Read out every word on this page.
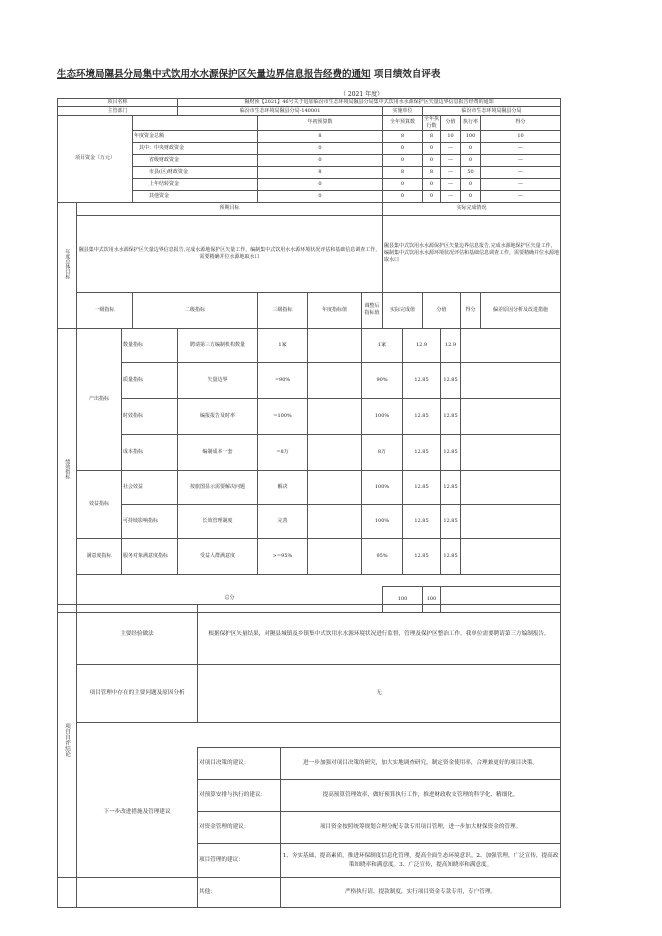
生态环境局隰县分局集中式饮用水水源保护区矢量边界信息报告经费的通知 项目绩效自评表
（ 2021 年度）
项目名称				隰财预【2021】46号关于追加临汾市生态环境局隰县分局集中式饮用水水源保护区矢量边界信息报告经费的通知									
主管部门				临汾市生态环境局隰县分局-140001				实施单位		临汾市生态环境局隰县分局			
项目资金（万元）					年初预算数			全年预算数		全年执行数	分值	执行率	得分
			年度资金总额		8			8		8	10	100	10
			其中：中央财政资金		0			0		0	—	0	—
			省级财政资金		0			0		0	—	0	—
			市县(区)财政资金		8			8		8	—	50	—
			上年结转资金		0			0		0	—	0	—
			其他资金		0			0		0	—	0	—
年度总体目标	预期目标							实际完成情况					
	隰县集中式饮用水水源保护区矢量边界信息报告,完成水源地保护区矢量工作，编制集中式饮用水水源环境状况评估和基础信息调查工作，需要精确并位水源地取水口							隰县集中式饮用水水源保护区矢量边界信息报告,完成水源地保护区矢量工作，编制集中式饮用水水源环境状况评估和基础信息调查工作，需要精确并位水源地取水口					
	一级指标		二级指标		三级指标	年度指标值	调整后指标值	实际完成值		分值		得分	偏差原因分析及改进措施
绩效指标	产出指标	数量指标		聘请第三方编制机构数量	1家		1家		12.9		12.9		
		质量指标		矢量边界	=90%		90%		12.85		12.85		
		时效指标		编报报告及时率	=100%		100%		12.85		12.85		
		成本指标		编制成本一套	=8万		8万		12.85		12.85		
	效益指标	社会效益		按旅图显示需要解决问题	解决		100%		12.85		12.85		
		可持续影响指标		长效管理制度	完善		100%		12.85		12.85		
	满意度指标	服务对象满意度指标		受益人群满意度	>=95%		95%		12.85		12.85		

	总分							100		100			
项目自评结论	主要经验做法	根据保护区矢量结果，对隰县城镇及乡镇集中式饮用水水源环境状况进行监督，管理及保护区整治工作，我单位需要聘请第三方编制报告。	
	项目管理中存在的主要问题及原因分析	无	

	下一步改进措施及管理建议	对项目决策的建议：	进一步加强对项目决策的研究，加大实地调查研究，制定资金使用率，合理兼更好的项目决策。
		对预算安排与执行的建议：	提高预算管理效率，做好预算执行工作，推进财政收支管理的科学化、精细化。
		对资金管理的建议：	项目资金按照统筹规划合理分配专款专用项目管理，进一步加大财保资金的管理。
		项目管理的建议：	1、夯实基础，提高素质，推进环保制度信息化管理，提高全面生态环境意识。2、加强管理，广泛宣传，提高政策知晓率和满意度。3、广泛宣传，提高知晓率和满意度。
		其他：	严格执行请、提款制度，实行项目资金专款专用，专户管理。
